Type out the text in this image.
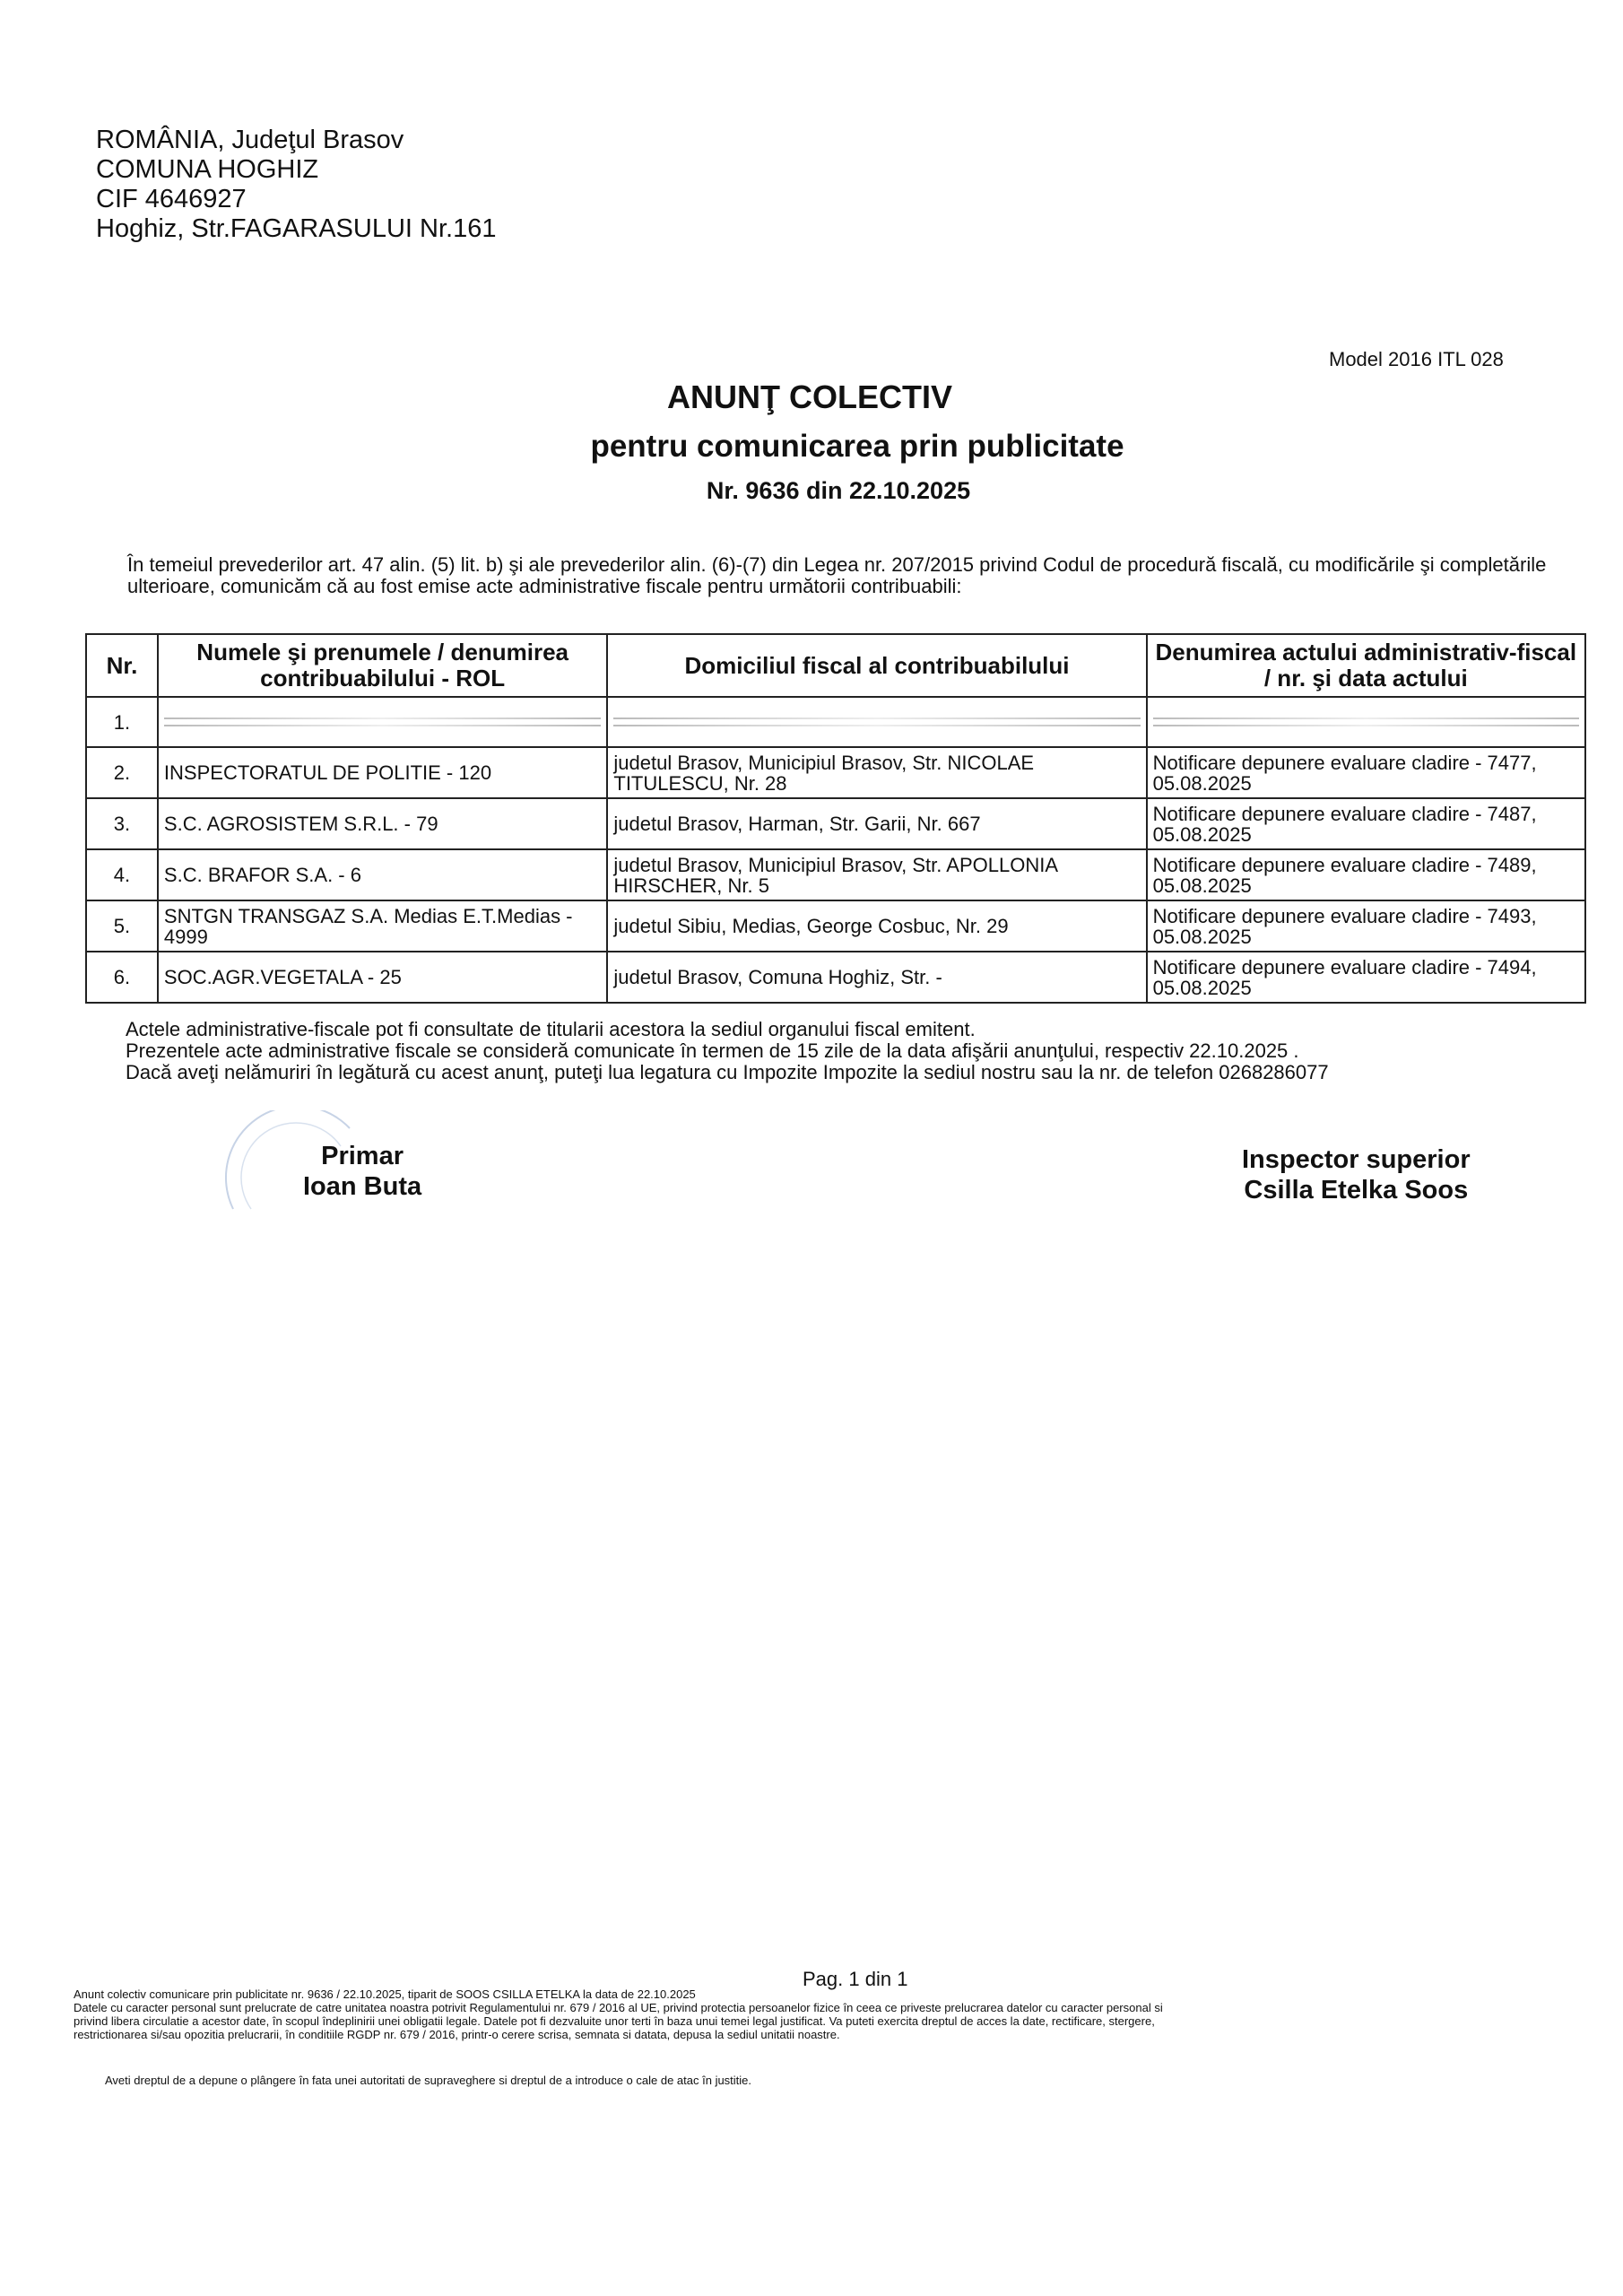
ROMÂNIA, Judeţul Brasov
COMUNA HOGHIZ
CIF 4646927
Hoghiz, Str.FAGARASULUI Nr.161
Model 2016 ITL 028
ANUNŢ COLECTIV
pentru comunicarea prin publicitate
Nr. 9636 din 22.10.2025
În temeiul prevederilor art. 47 alin. (5) lit. b) şi ale prevederilor alin. (6)-(7) din Legea nr. 207/2015 privind Codul de procedură fiscală, cu modificările şi completările ulterioare, comunicăm că au fost emise acte administrative fiscale pentru următorii contribuabili:
Nr.	Numele şi prenumele / denumirea contribuabilului - ROL	Domiciliul fiscal al contribuabilului	Denumirea actului administrativ-fiscal / nr. şi data actului
1.	

2.	INSPECTORATUL DE POLITIE - 120	judetul Brasov, Municipiul Brasov, Str. NICOLAE TITULESCU, Nr. 28	Notificare depunere evaluare cladire - 7477, 05.08.2025
3.	S.C. AGROSISTEM S.R.L. - 79	judetul Brasov, Harman, Str. Garii, Nr. 667	Notificare depunere evaluare cladire - 7487, 05.08.2025
4.	S.C. BRAFOR S.A. - 6	judetul Brasov, Municipiul Brasov, Str. APOLLONIA HIRSCHER, Nr. 5	Notificare depunere evaluare cladire - 7489, 05.08.2025
5.	SNTGN TRANSGAZ S.A. Medias E.T.Medias - 4999	judetul Sibiu, Medias, George Cosbuc, Nr. 29	Notificare depunere evaluare cladire - 7493, 05.08.2025
6.	SOC.AGR.VEGETALA - 25	judetul Brasov, Comuna Hoghiz, Str. -	Notificare depunere evaluare cladire - 7494, 05.08.2025
Actele administrative-fiscale pot fi consultate de titularii acestora la sediul organului fiscal emitent.
Prezentele acte administrative fiscale se consideră comunicate în termen de 15 zile de la data afişării anunţului, respectiv 22.10.2025 .
Dacă aveţi nelămuriri în legătură cu acest anunţ, puteţi lua legatura cu Impozite Impozite la sediul nostru sau la nr. de telefon 0268286077
Primar
Ioan Buta
Inspector superior
Csilla Etelka Soos
Pag. 1 din 1
Anunt colectiv comunicare prin publicitate nr. 9636 / 22.10.2025, tiparit de SOOS CSILLA ETELKA la data de 22.10.2025
Datele cu caracter personal sunt prelucrate de catre unitatea noastra potrivit Regulamentului nr. 679 / 2016 al UE, privind protectia persoanelor fizice în ceea ce priveste prelucrarea datelor cu caracter personal si
privind libera circulatie a acestor date, în scopul îndeplinirii unei obligatii legale. Datele pot fi dezvaluite unor terti în baza unui temei legal justificat. Va puteti exercita dreptul de acces la date, rectificare, stergere,
restrictionarea si/sau opozitia prelucrarii, în conditiile RGDP nr. 679 / 2016, printr-o cerere scrisa, semnata si datata, depusa la sediul unitatii noastre.
Aveti dreptul de a depune o plângere în fata unei autoritati de supraveghere si dreptul de a introduce o cale de atac în justitie.
